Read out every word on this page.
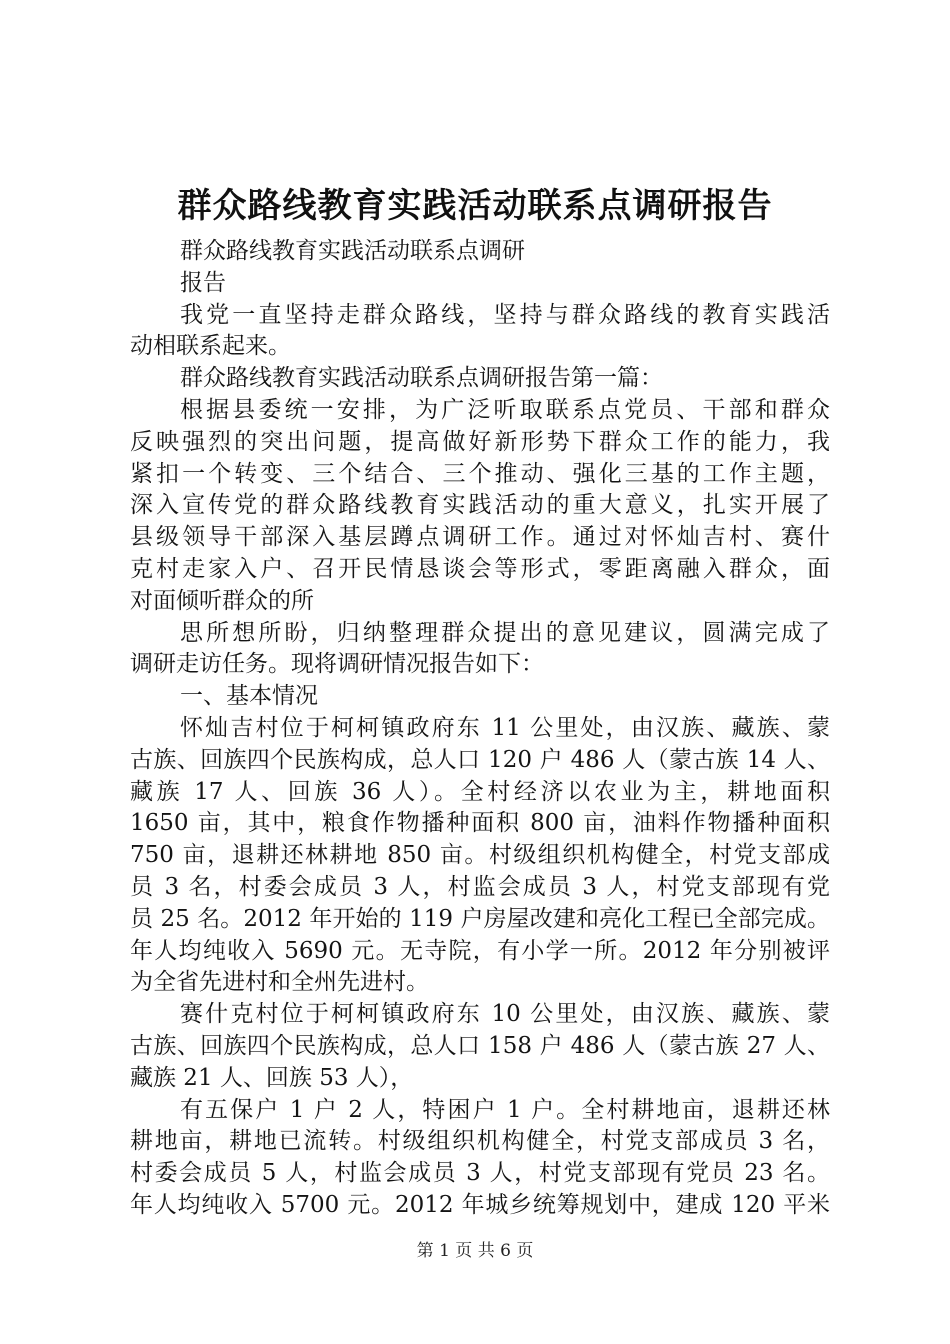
群众路线教育实践活动联系点调研报告
群众路线教育实践活动联系点调研
报告
我党一直坚持走群众路线，坚持与群众路线的教育实践活
动相联系起来。
群众路线教育实践活动联系点调研报告第一篇：
根据县委统一安排，为广泛听取联系点党员、干部和群众
反映强烈的突出问题，提高做好新形势下群众工作的能力，我
紧扣一个转变、三个结合、三个推动、强化三基的工作主题，
深入宣传党的群众路线教育实践活动的重大意义，扎实开展了
县级领导干部深入基层蹲点调研工作。通过对怀灿吉村、赛什
克村走家入户、召开民情恳谈会等形式，零距离融入群众，面
对面倾听群众的所
思所想所盼，归纳整理群众提出的意见建议，圆满完成了
调研走访任务。现将调研情况报告如下：
一、基本情况
怀灿吉村位于柯柯镇政府东 11 公里处，由汉族、藏族、蒙
古族、回族四个民族构成，总人口 120 户 486 人（蒙古族 14 人、
藏族 17 人、回族 36 人）。全村经济以农业为主，耕地面积
1650 亩，其中，粮食作物播种面积 800 亩，油料作物播种面积
750 亩，退耕还林耕地 850 亩。村级组织机构健全，村党支部成
员 3 名，村委会成员 3 人，村监会成员 3 人，村党支部现有党
员 25 名。2012 年开始的 119 户房屋改建和亮化工程已全部完成。
年人均纯收入 5690 元。无寺院，有小学一所。2012 年分别被评
为全省先进村和全州先进村。
赛什克村位于柯柯镇政府东 10 公里处，由汉族、藏族、蒙
古族、回族四个民族构成，总人口 158 户 486 人（蒙古族 27 人、
藏族 21 人、回族 53 人），
有五保户 1 户 2 人，特困户 1 户。全村耕地亩，退耕还林
耕地亩，耕地已流转。村级组织机构健全，村党支部成员 3 名，
村委会成员 5 人，村监会成员 3 人，村党支部现有党员 23 名。
年人均纯收入 5700 元。2012 年城乡统筹规划中，建成 120 平米
第 1 页 共 6 页
